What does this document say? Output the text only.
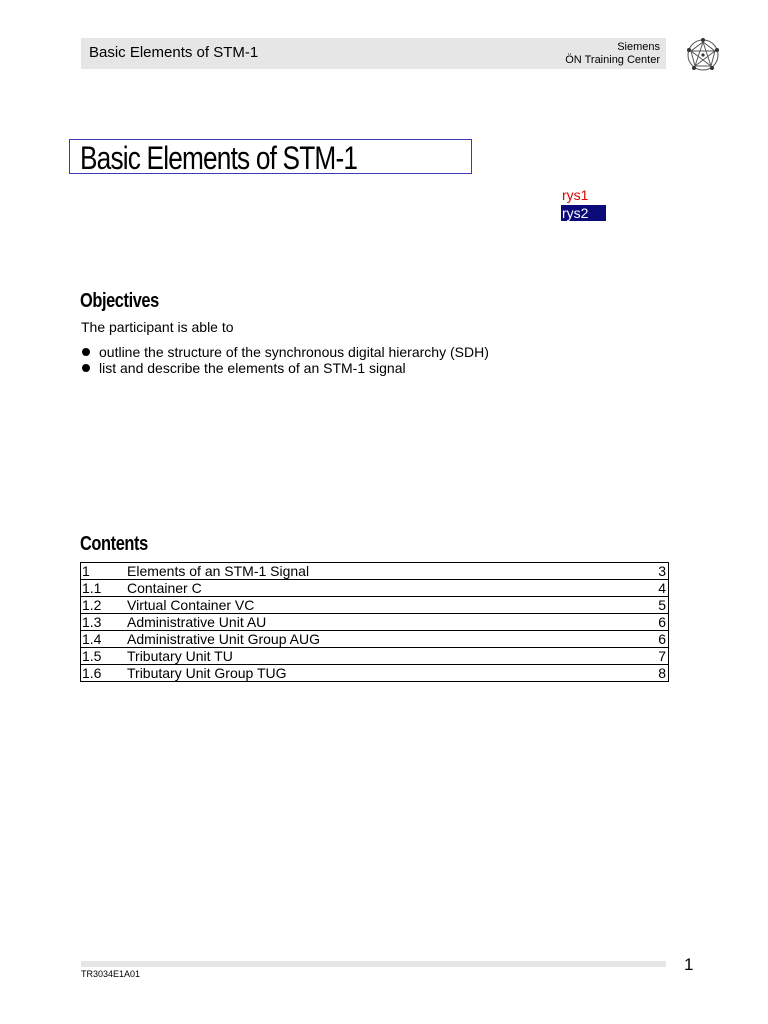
Basic Elements of STM-1	Siemens
ÖN Training Center
Basic Elements of STM-1
rys1
rys2
Objectives
The participant is able to
outline the structure of the synchronous digital hierarchy (SDH)
list and describe the elements of an STM-1 signal
Contents
1	Elements of an STM-1 Signal	3
1.1	Container C	4
1.2	Virtual Container VC	5
1.3	Administrative Unit AU	6
1.4	Administrative Unit Group AUG	6
1.5	Tributary Unit TU	7
1.6	Tributary Unit Group TUG	8
TR3034E1A01	1
